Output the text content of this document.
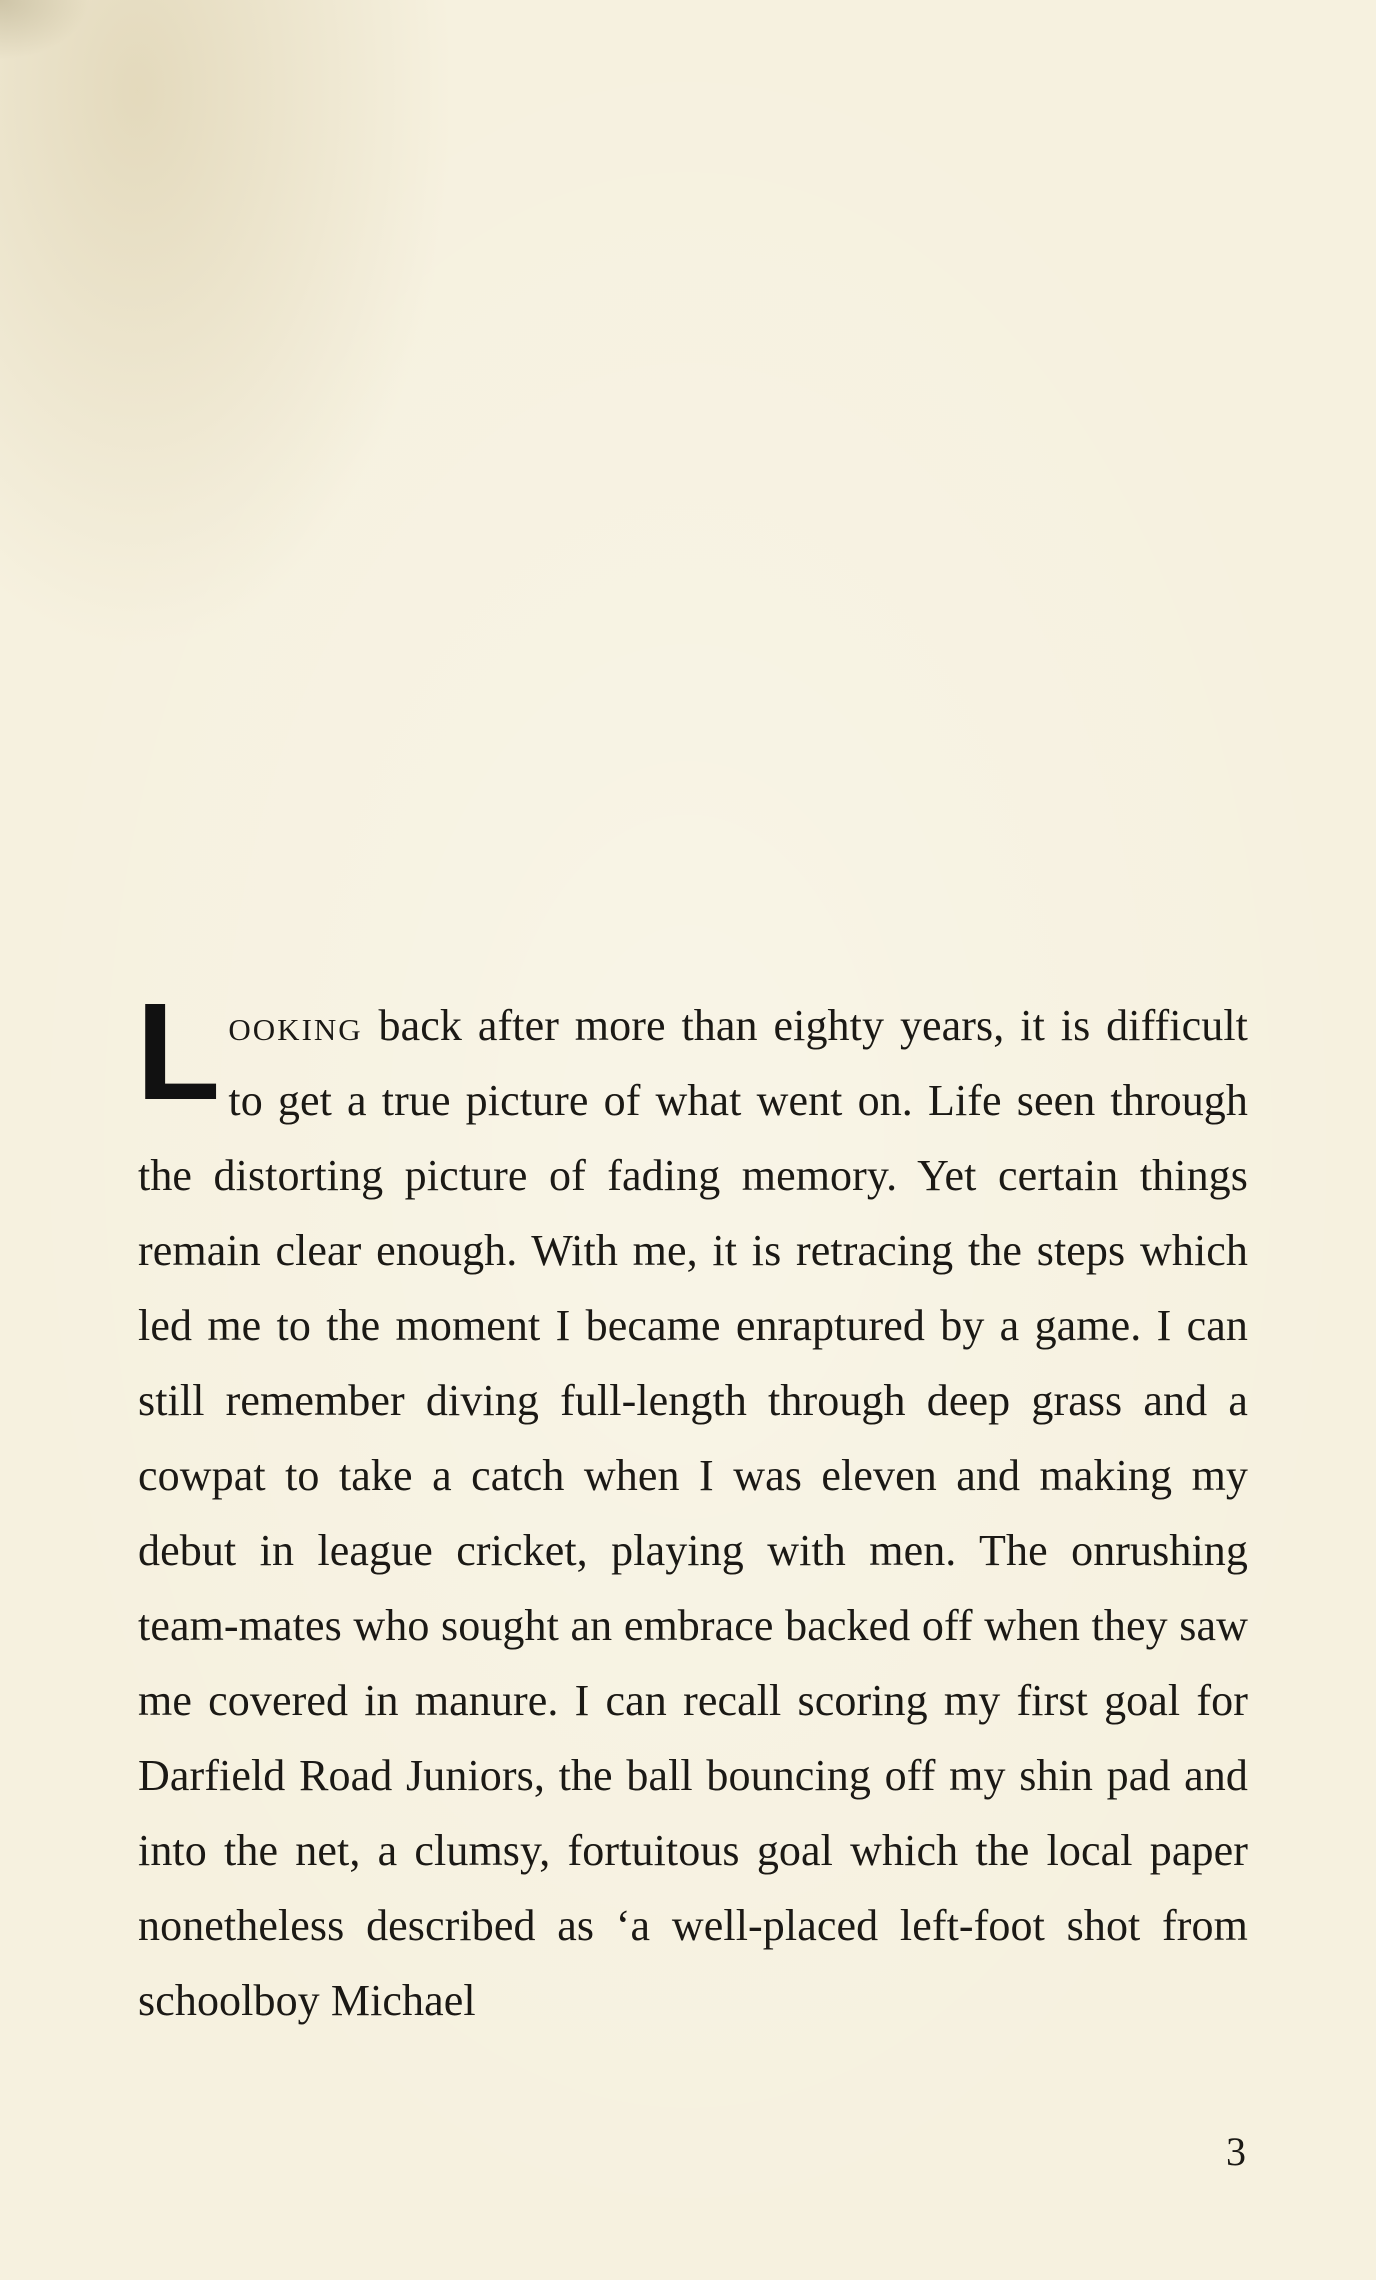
Looking back after more than eighty years, it is difficult to get a true picture of what went on. Life seen through the distorting picture of fading memory. Yet certain things remain clear enough. With me, it is retracing the steps which led me to the moment I became enraptured by a game. I can still remember diving full-length through deep grass and a cowpat to take a catch when I was eleven and making my debut in league cricket, playing with men. The onrushing team-mates who sought an embrace backed off when they saw me covered in manure. I can recall scoring my first goal for Darfield Road Juniors, the ball bouncing off my shin pad and into the net, a clumsy, fortuitous goal which the local paper nonetheless described as ‘a well-placed left-foot shot from schoolboy Michael
3
